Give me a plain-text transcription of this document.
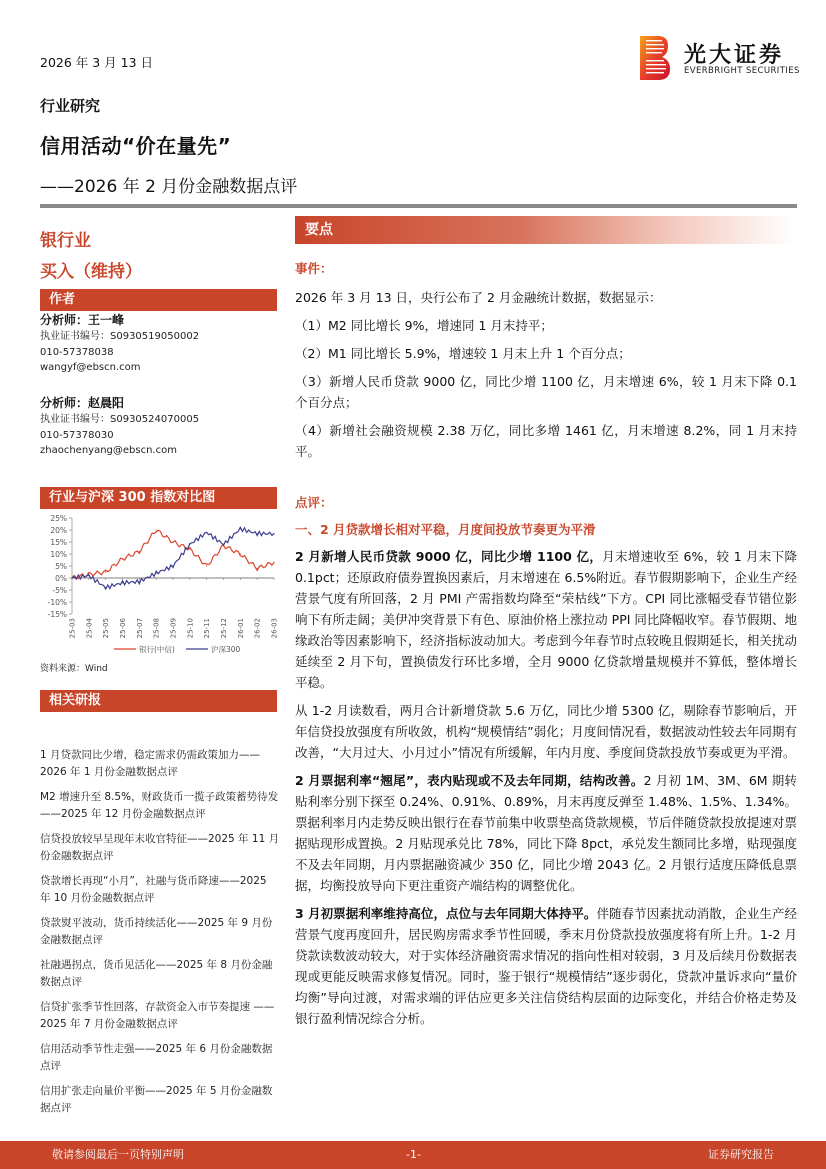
2026 年 3 月 13 日
行业研究
信用活动“价在量先”
——2026 年 2 月份金融数据点评
光大证券
EVERBRIGHT SECURITIES
银行业
买入（维持）
作者
分析师：王一峰
执业证书编号：S0930519050002
010-57378038
wangyf@ebscn.com
分析师：赵晨阳
执业证书编号：S0930524070005
010-57378030
zhaochenyang@ebscn.com
行业与沪深 300 指数对比图
25%
20%
15%
10%
5%
0%
-5%
-10%
-15%
25-03 25-04 25-05 25-06 25-07 25-08 25-09 25-10 25-11 25-12 26-01 26-02 26-03
银行(中信)	沪深300
资料来源：Wind
相关研报
1 月贷款同比少增，稳定需求仍需政策加力——2026 年 1 月份金融数据点评
M2 增速升至 8.5%，财政货币一揽子政策蓄势待发——2025 年 12 月份金融数据点评
信贷投放较早呈现年末收官特征——2025 年 11 月份金融数据点评
贷款增长再现“小月”，社融与货币降速——2025 年 10 月份金融数据点评
贷款熨平波动，货币持续活化——2025 年 9 月份金融数据点评
社融遇拐点，货币见活化——2025 年 8 月份金融数据点评
信贷扩张季节性回落，存款资金入市节奏提速 ——2025 年 7 月份金融数据点评
信用活动季节性走强——2025 年 6 月份金融数据点评
信用扩张走向量价平衡——2025 年 5 月份金融数据点评
要点
事件：

2026 年 3 月 13 日，央行公布了 2 月金融统计数据，数据显示：

（1）M2 同比增长 9%，增速同 1 月末持平；

（2）M1 同比增长 5.9%，增速较 1 月末上升 1 个百分点；

（3）新增人民币贷款 9000 亿，同比少增 1100 亿，月末增速 6%，较 1 月末下降 0.1 个百分点；

（4）新增社会融资规模 2.38 万亿，同比多增 1461 亿，月末增速 8.2%，同 1 月末持平。

点评：
一、2 月贷款增长相对平稳，月度间投放节奏更为平滑

2 月新增人民币贷款 9000 亿，同比少增 1100 亿，月末增速收至 6%，较 1 月末下降 0.1pct；还原政府债券置换因素后，月末增速在 6.5%附近。春节假期影响下，企业生产经营景气度有所回落，2 月 PMI 产需指数均降至“荣枯线”下方。CPI 同比涨幅受春节错位影响下有所走阔；美伊冲突背景下有色、原油价格上涨拉动 PPI 同比降幅收窄。春节假期、地缘政治等因素影响下，经济指标波动加大。考虑到今年春节时点较晚且假期延长，相关扰动延续至 2 月下旬，置换债发行环比多增，全月 9000 亿贷款增量规模并不算低，整体增长平稳。

从 1-2 月读数看，两月合计新增贷款 5.6 万亿，同比少增 5300 亿，剔除春节影响后，开年信贷投放强度有所收敛，机构“规模情结”弱化；月度间情况看，数据波动性较去年同期有改善，“大月过大、小月过小”情况有所缓解，年内月度、季度间贷款投放节奏或更为平滑。

2 月票据利率“翘尾”，表内贴现或不及去年同期，结构改善。2 月初 1M、3M、6M 期转贴利率分别下探至 0.24%、0.91%、0.89%，月末再度反弹至 1.48%、1.5%、1.34%。票据利率月内走势反映出银行在春节前集中收票垫高贷款规模，节后伴随贷款投放提速对票据贴现形成置换。2 月贴现承兑比 78%，同比下降 8pct，承兑发生额同比多增，贴现强度不及去年同期，月内票据融资减少 350 亿，同比少增 2043 亿。2 月银行适度压降低息票据，均衡投放导向下更注重资产端结构的调整优化。

3 月初票据利率维持高位，点位与去年同期大体持平。伴随春节因素扰动消散，企业生产经营景气度再度回升，居民购房需求季节性回暖，季末月份贷款投放强度将有所上升。1-2 月贷款读数波动较大，对于实体经济融资需求情况的指向性相对较弱，3 月及后续月份数据表现或更能反映需求修复情况。同时，鉴于银行“规模情结”逐步弱化，贷款冲量诉求向“量价均衡”导向过渡，对需求端的评估应更多关注信贷结构层面的边际变化，并结合价格走势及银行盈利情况综合分析。

敬请参阅最后一页特别声明	-1-	证券研究报告
